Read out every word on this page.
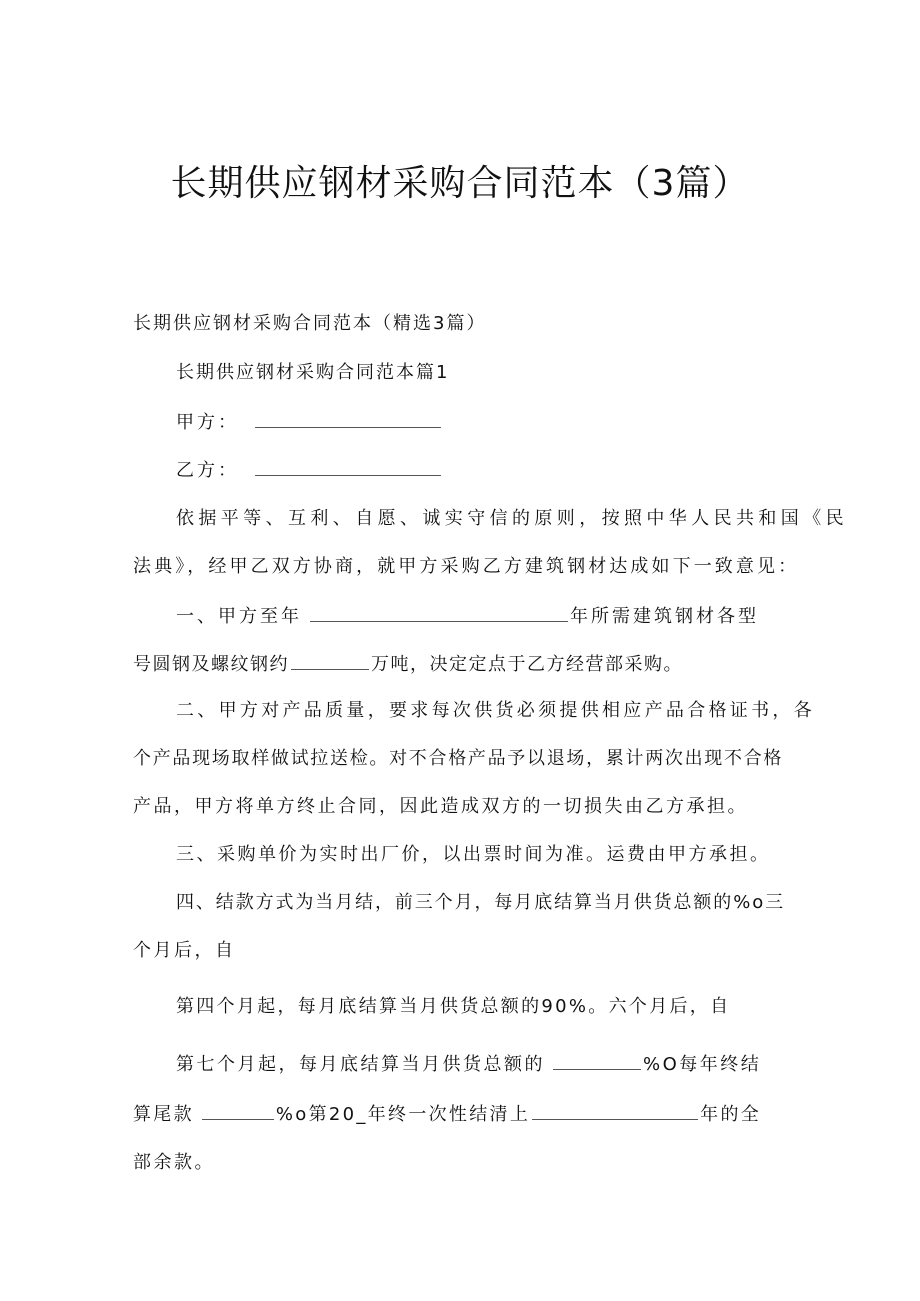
长期供应钢材采购合同范本（3篇）
长期供应钢材采购合同范本（精选3篇）
长期供应钢材采购合同范本篇1
甲方：
乙方：
依据平等、互利、自愿、诚实守信的原则，按照中华人民共和国《民
法典》，经甲乙双方协商，就甲方采购乙方建筑钢材达成如下一致意见：
一、甲方至年	年所需建筑钢材各型
号圆钢及螺纹钢约	万吨，决定定点于乙方经营部采购。
二、甲方对产品质量，要求每次供货必须提供相应产品合格证书，各
个产品现场取样做试拉送检。对不合格产品予以退场，累计两次出现不合格
产品，甲方将单方终止合同，因此造成双方的一切损失由乙方承担。
三、采购单价为实时出厂价，以出票时间为准。运费由甲方承担。
四、结款方式为当月结，前三个月，每月底结算当月供货总额的%o三
个月后，自
第四个月起，每月底结算当月供货总额的90%。六个月后，自
第七个月起，每月底结算当月供货总额的	%O每年终结
算尾款	%o第20_年终一次性结清上	年的全
部余款。
